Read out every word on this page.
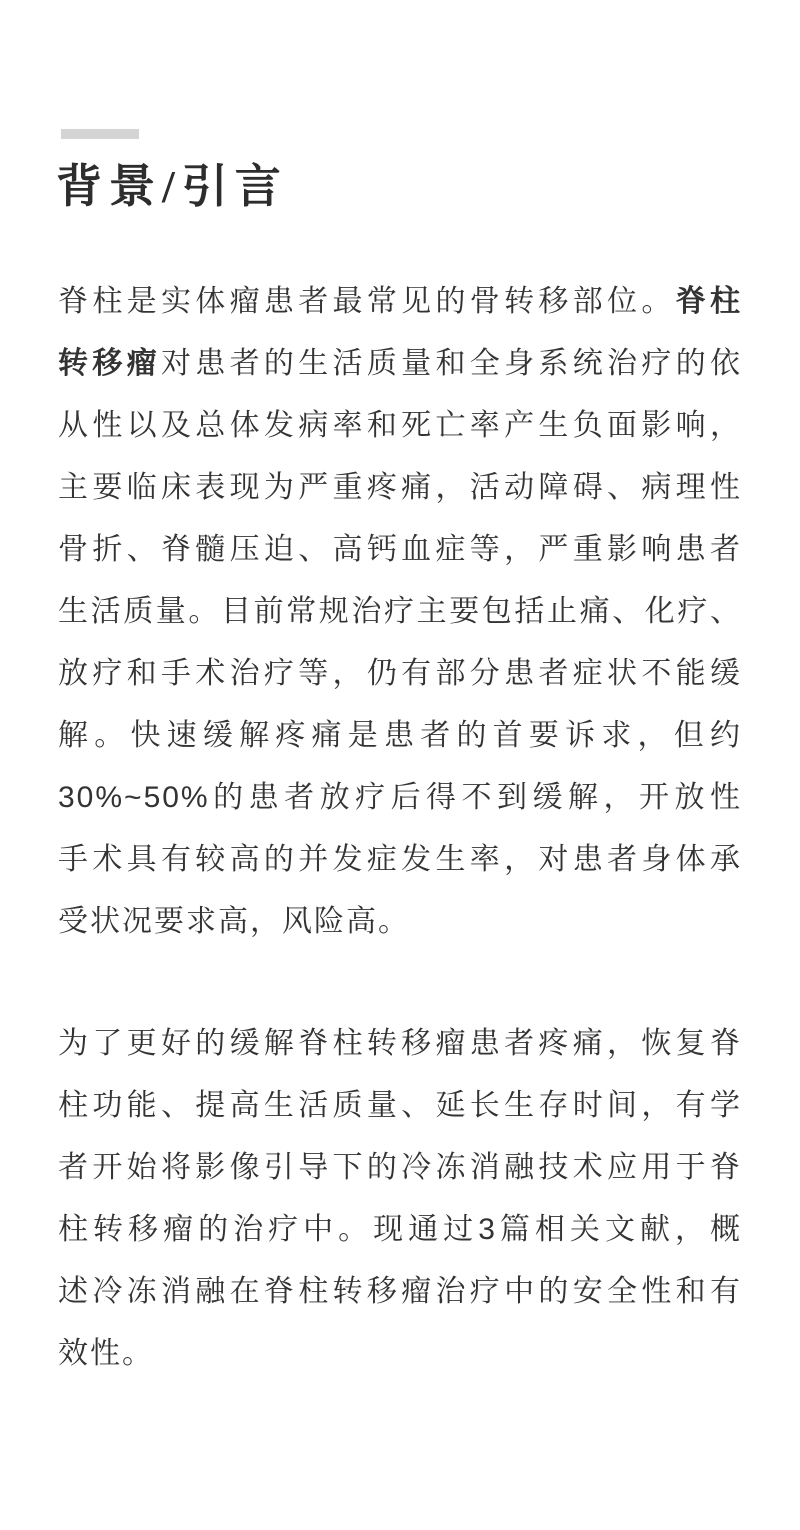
背景/引言
脊柱是实体瘤患者最常见的骨转移部位。脊柱
转移瘤对患者的生活质量和全身系统治疗的依
从性以及总体发病率和死亡率产生负面影响，
主要临床表现为严重疼痛，活动障碍、病理性
骨折、脊髓压迫、高钙血症等，严重影响患者
生活质量。目前常规治疗主要包括止痛、化疗、
放疗和手术治疗等，仍有部分患者症状不能缓
解。快速缓解疼痛是患者的首要诉求，但约
30%~50%的患者放疗后得不到缓解，开放性
手术具有较高的并发症发生率，对患者身体承
受状况要求高，风险高。
为了更好的缓解脊柱转移瘤患者疼痛，恢复脊
柱功能、提高生活质量、延长生存时间，有学
者开始将影像引导下的冷冻消融技术应用于脊
柱转移瘤的治疗中。现通过3篇相关文献，概
述冷冻消融在脊柱转移瘤治疗中的安全性和有
效性。
